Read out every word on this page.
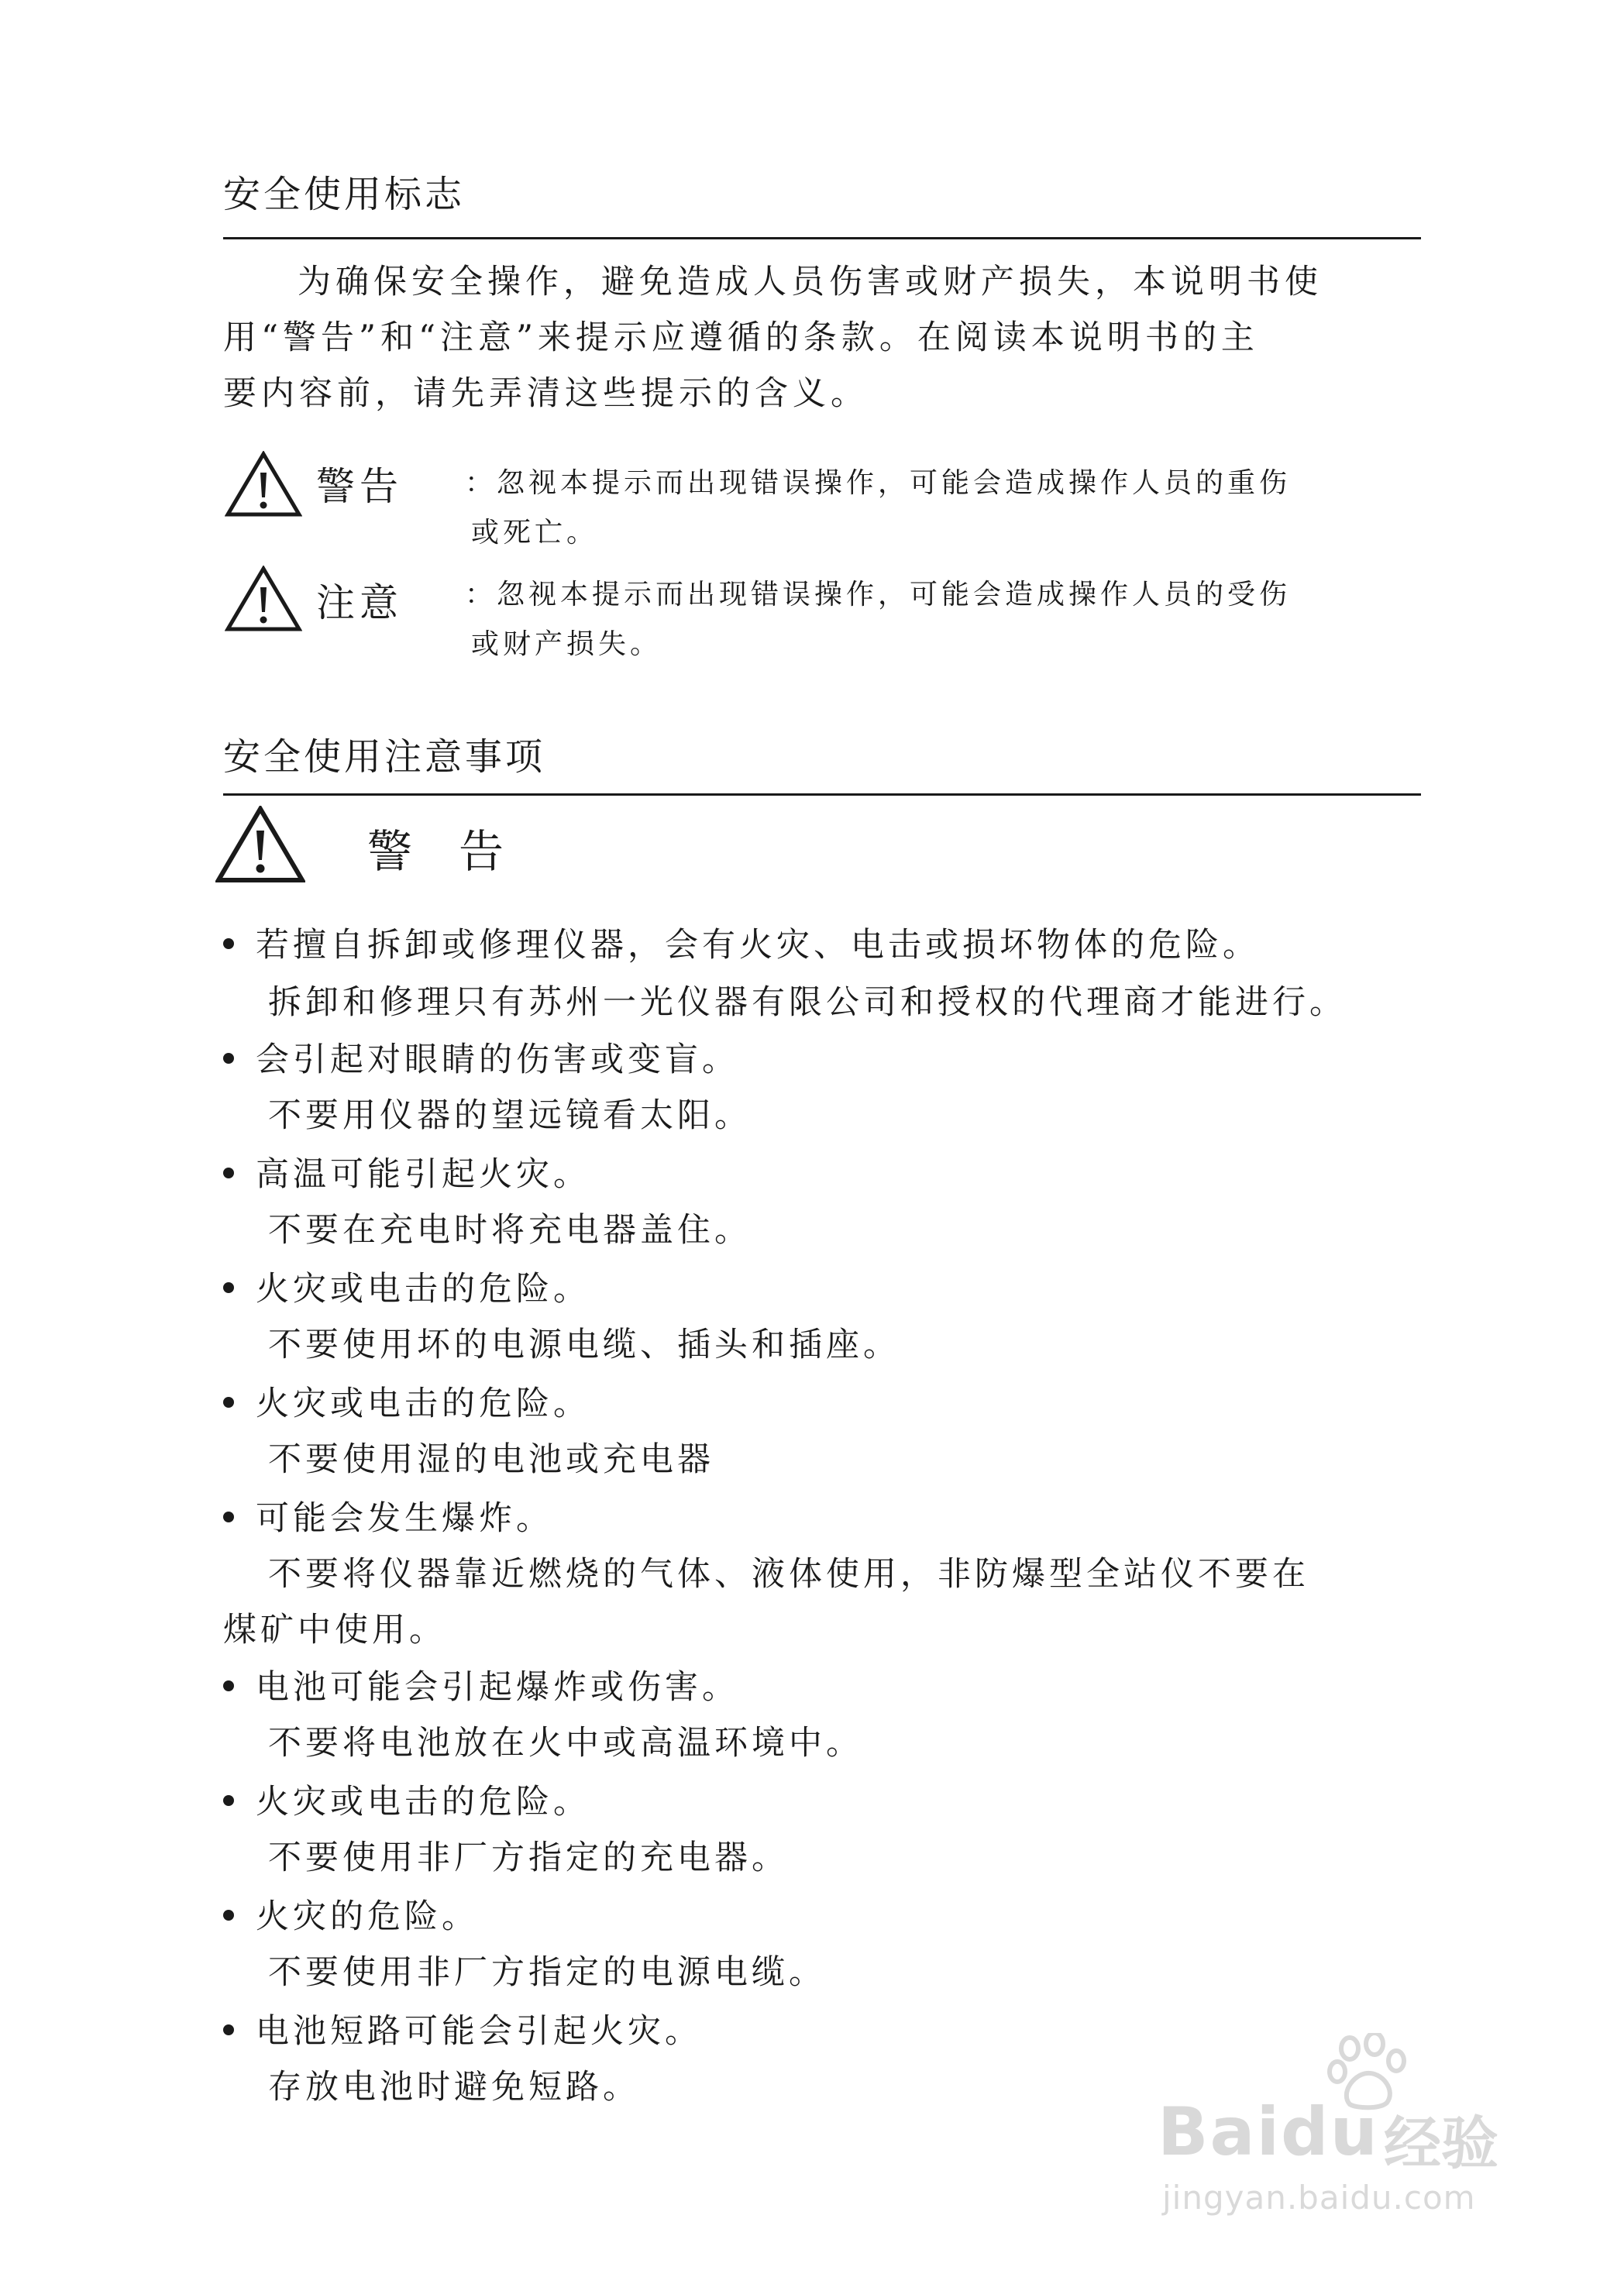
安全使用标志
为确保安全操作，避免造成人员伤害或财产损失，本说明书使
用“警告”和“注意”来提示应遵循的条款。在阅读本说明书的主
要内容前，请先弄清这些提示的含义。
警告 ：忽视本提示而出现错误操作，可能会造成操作人员的重伤
或死亡。
注意 ：忽视本提示而出现错误操作，可能会造成操作人员的受伤
或财产损失。
安全使用注意事项
警告
若擅自拆卸或修理仪器，会有火灾、电击或损坏物体的危险。
拆卸和修理只有苏州一光仪器有限公司和授权的代理商才能进行。
会引起对眼睛的伤害或变盲。
不要用仪器的望远镜看太阳。
高温可能引起火灾。
不要在充电时将充电器盖住。
火灾或电击的危险。
不要使用坏的电源电缆、插头和插座。
火灾或电击的危险。
不要使用湿的电池或充电器
可能会发生爆炸。
不要将仪器靠近燃烧的气体、液体使用，非防爆型全站仪不要在
煤矿中使用。
电池可能会引起爆炸或伤害。
不要将电池放在火中或高温环境中。
火灾或电击的危险。
不要使用非厂方指定的充电器。
火灾的危险。
不要使用非厂方指定的电源电缆。
电池短路可能会引起火灾。
存放电池时避免短路。
Baidu 经验
jingyan.baidu.com
